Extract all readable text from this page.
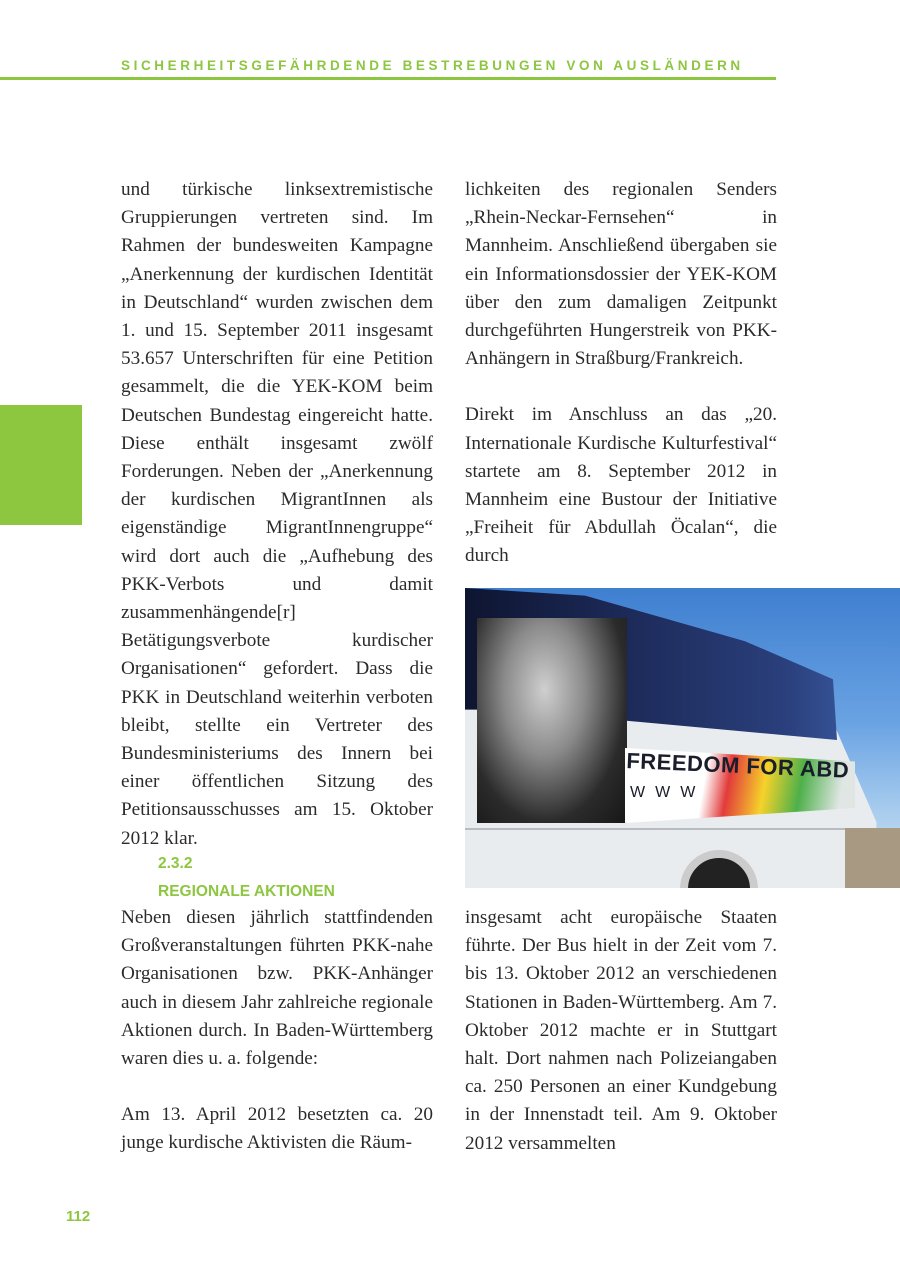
SICHERHEITSGEFÄHRDENDE BESTREBUNGEN VON AUSLÄNDERN

und türkische linksextremistische Gruppierungen vertreten sind. Im Rahmen der bundesweiten Kampagne „Anerkennung der kurdischen Identität in Deutschland“ wurden zwischen dem 1. und 15. September 2011 insgesamt 53.657 Unterschriften für eine Petition gesammelt, die die YEK-KOM beim Deutschen Bundestag eingereicht hatte. Diese enthält insgesamt zwölf Forderungen. Neben der „Anerkennung der kurdischen MigrantInnen als eigenständige MigrantInnengruppe“ wird dort auch die „Aufhebung des PKK-Verbots und damit zusammenhängende[r] Betätigungsverbote kurdischer Organisationen“ gefordert. Dass die PKK in Deutschland weiterhin verboten bleibt, stellte ein Vertreter des Bundesministeriums des Innern bei einer öffentlichen Sitzung des Petitionsausschusses am 15. Oktober 2012 klar.

lichkeiten des regionalen Senders „Rhein-Neckar-Fernsehen“ in Mannheim. Anschließend übergaben sie ein Informationsdossier der YEK-KOM über den zum damaligen Zeitpunkt durchgeführten Hungerstreik von PKK-Anhängern in Straßburg/Frankreich.

Direkt im Anschluss an das „20. Internationale Kurdische Kulturfestival“ startete am 8. September 2012 in Mannheim eine Bustour der Initiative „Freiheit für Abdullah Öcalan“, die durch

FREEDOM FOR ABD
WWW
2.3.2
REGIONALE AKTIONEN

Neben diesen jährlich stattfindenden Großveranstaltungen führten PKK-nahe Organisationen bzw. PKK-Anhänger auch in diesem Jahr zahlreiche regionale Aktionen durch. In Baden-Württemberg waren dies u. a. folgende:

Am 13. April 2012 besetzten ca. 20 junge kurdische Aktivisten die Räum-

insgesamt acht europäische Staaten führte. Der Bus hielt in der Zeit vom 7. bis 13. Oktober 2012 an verschiedenen Stationen in Baden-Württemberg. Am 7. Oktober 2012 machte er in Stuttgart halt. Dort nahmen nach Polizeiangaben ca. 250 Personen an einer Kundgebung in der Innenstadt teil. Am 9. Oktober 2012 versammelten

112
